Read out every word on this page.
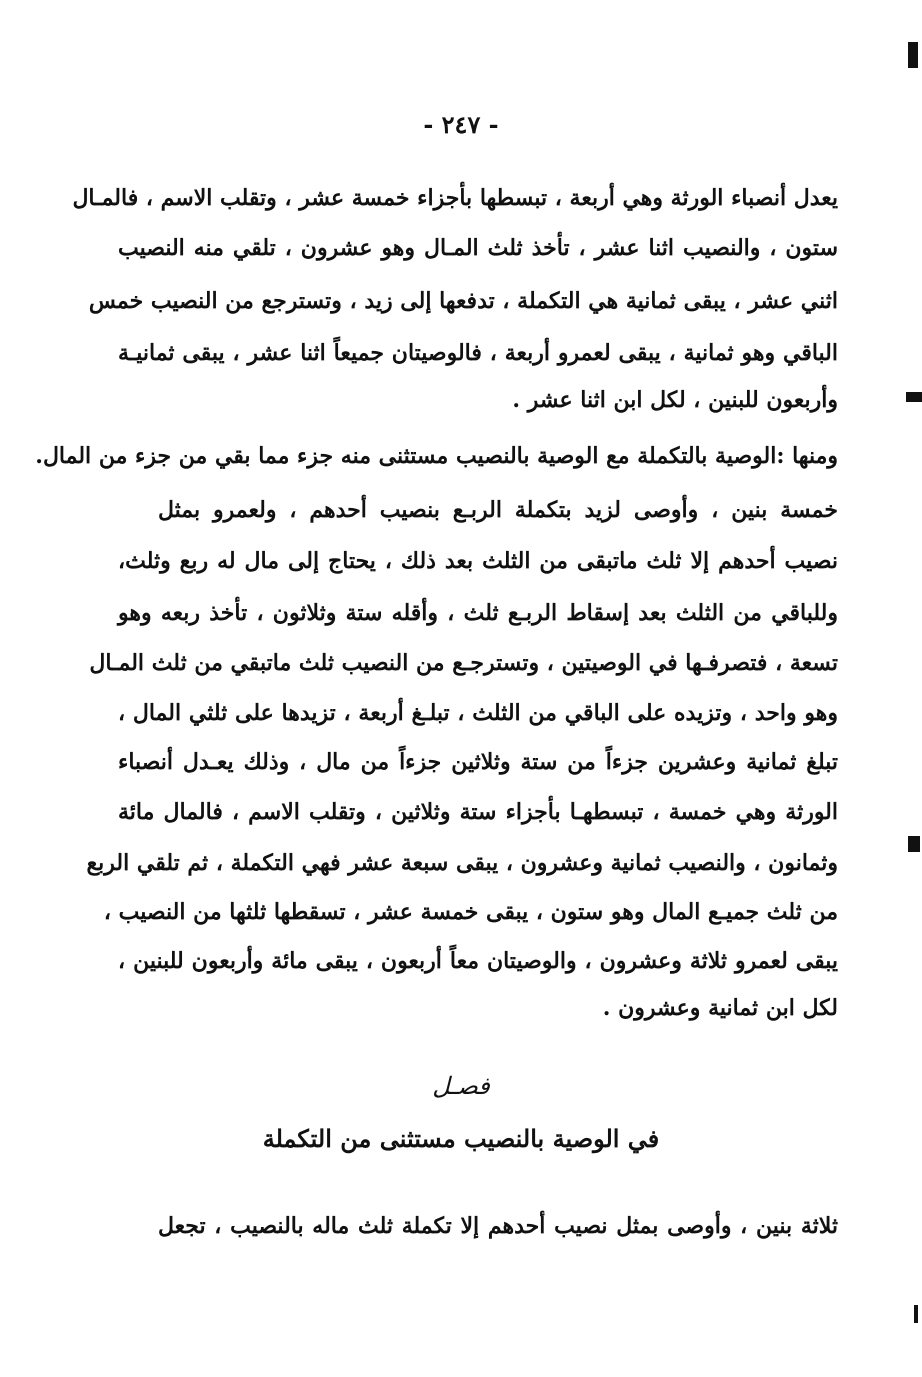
- ٢٤٧ -
يعدل أنصباء الورثة وهي أربعة ، تبسطها بأجزاء خمسة عشر ، وتقلب الاسم ، فالمـال
ستون ، والنصيب اثنا عشر ، تأخذ ثلث المـال وهو عشرون ، تلقي منه النصيب
اثني عشر ، يبقى ثمانية هي التكملة ، تدفعها إلى زيد ، وتسترجع من النصيب خمس
الباقي وهو ثمانية ، يبقى لعمرو أربعة ، فالوصيتان جميعاً اثنا عشر ، يبقى ثمانيـة
وأربعون للبنين ، لكل ابن اثنا عشر .
ومنها :الوصية بالتكملة مع الوصية بالنصيب مستثنى منه جزء مما بقي من جزء من المال.
خمسة بنين ، وأوصى لزيد بتكملة الربـع بنصيب أحدهم ، ولعمرو بمثل
نصيب أحدهم إلا ثلث ماتبقى من الثلث بعد ذلك ، يحتاج إلى مال له ربع وثلث،
وللباقي من الثلث بعد إسقاط الربـع ثلث ، وأقله ستة وثلاثون ، تأخذ ربعه وهو
تسعة ، فتصرفـها في الوصيتين ، وتسترجـع من النصيب ثلث ماتبقي من ثلث المـال
وهو واحد ، وتزيده على الباقي من الثلث ، تبلـغ أربعة ، تزيدها على ثلثي المال ،
تبلغ ثمانية وعشرين جزءاً من ستة وثلاثين جزءاً من مال ، وذلك يعـدل أنصباء
الورثة وهي خمسة ، تبسطهـا بأجزاء ستة وثلاثين ، وتقلب الاسم ، فالمال مائة
وثمانون ، والنصيب ثمانية وعشرون ، يبقى سبعة عشر فهي التكملة ، ثم تلقي الربع
من ثلث جميـع المال وهو ستون ، يبقى خمسة عشر ، تسقطها ثلثها من النصيب ،
يبقى لعمرو ثلاثة وعشرون ، والوصيتان معاً أربعون ، يبقى مائة وأربعون للبنين ،
لكل ابن ثمانية وعشرون .
فصـل
في الوصية بالنصيب مستثنى من التكملة
ثلاثة بنين ، وأوصى بمثل نصيب أحدهم إلا تكملة ثلث ماله بالنصيب ، تجعل
